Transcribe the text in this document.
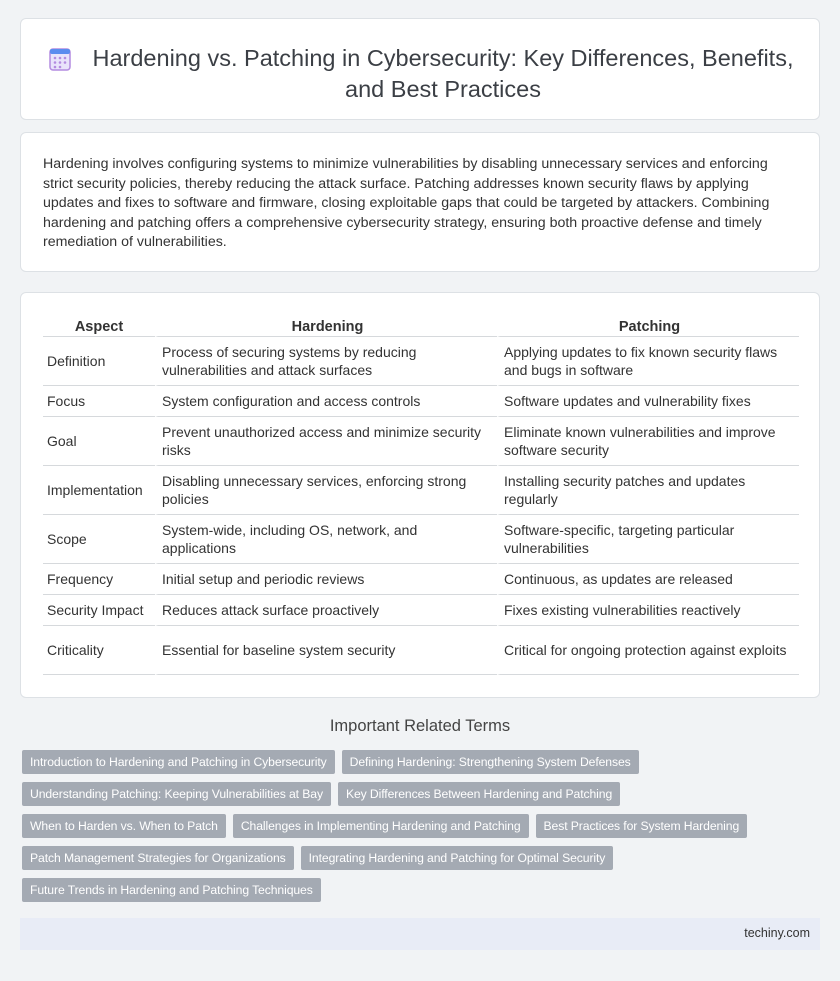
Hardening vs. Patching in Cybersecurity: Key Differences, Benefits, and Best Practices

Hardening involves configuring systems to minimize vulnerabilities by disabling unnecessary services and enforcing strict security policies, thereby reducing the attack surface. Patching addresses known security flaws by applying updates and fixes to software and firmware, closing exploitable gaps that could be targeted by attackers. Combining hardening and patching offers a comprehensive cybersecurity strategy, ensuring both proactive defense and timely remediation of vulnerabilities.

Aspect	Hardening	Patching
Definition	Process of securing systems by reducing vulnerabilities and attack surfaces	Applying updates to fix known security flaws and bugs in software
Focus	System configuration and access controls	Software updates and vulnerability fixes
Goal	Prevent unauthorized access and minimize security risks	Eliminate known vulnerabilities and improve software security
Implementation	Disabling unnecessary services, enforcing strong policies	Installing security patches and updates regularly
Scope	System-wide, including OS, network, and applications	Software-specific, targeting particular vulnerabilities
Frequency	Initial setup and periodic reviews	Continuous, as updates are released
Security Impact	Reduces attack surface proactively	Fixes existing vulnerabilities reactively
Criticality	Essential for baseline system security	Critical for ongoing protection against exploits
Important Related Terms
Introduction to Hardening and Patching in Cybersecurity	Defining Hardening: Strengthening System Defenses
Understanding Patching: Keeping Vulnerabilities at Bay	Key Differences Between Hardening and Patching
When to Harden vs. When to Patch	Challenges in Implementing Hardening and Patching	Best Practices for System Hardening
Patch Management Strategies for Organizations	Integrating Hardening and Patching for Optimal Security
Future Trends in Hardening and Patching Techniques
techiny.com
